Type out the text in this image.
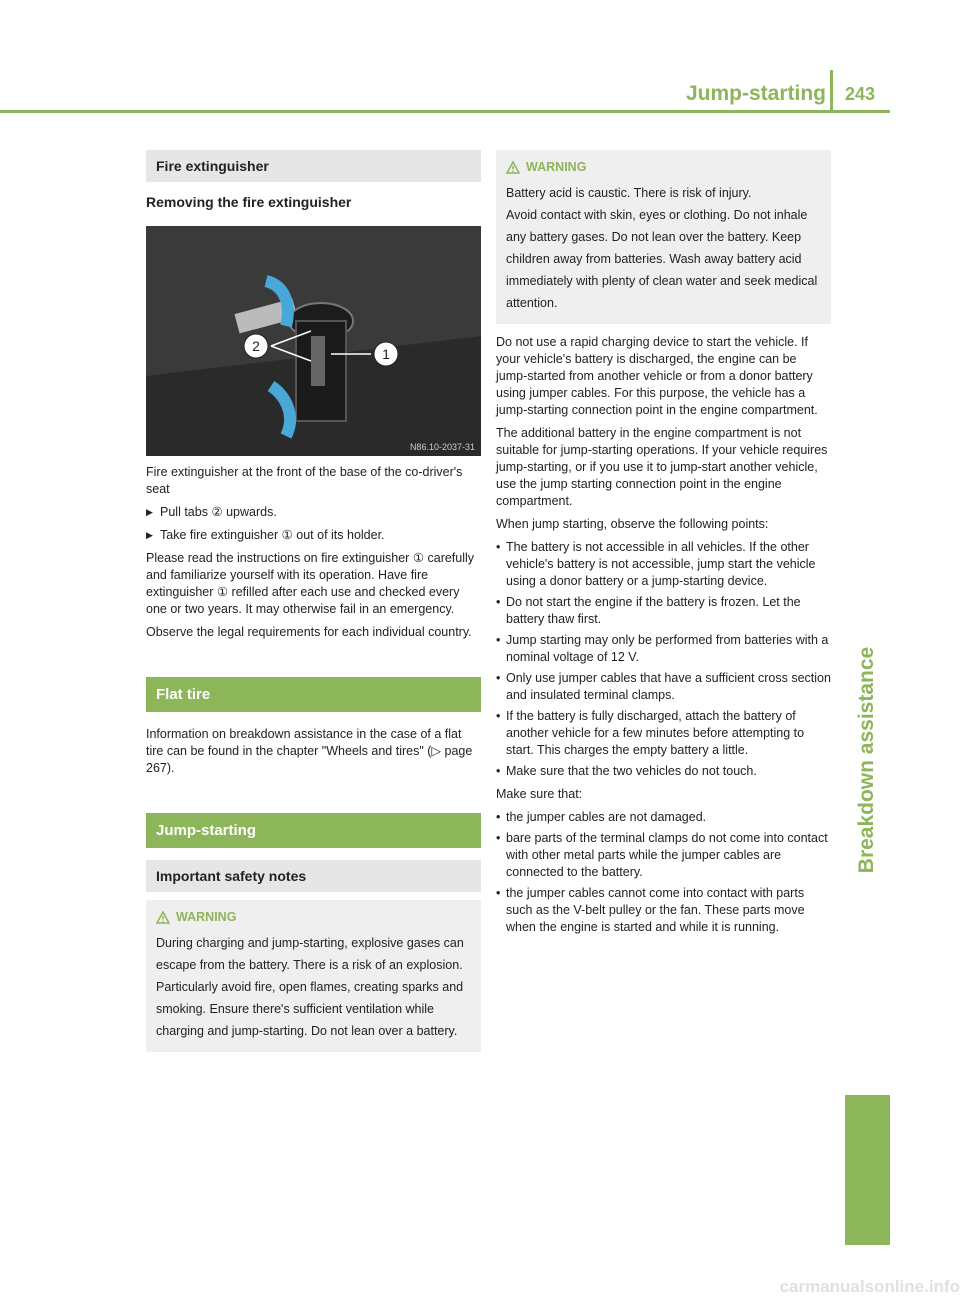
Jump-starting 243
Breakdown assistance
Fire extinguisher
Removing the fire extinguisher
2	1
N86.10-2037-31

Fire extinguisher at the front of the base of the co-driver's seat

▶ Pull tabs ② upwards.
▶ Take fire extinguisher ① out of its holder.

Please read the instructions on fire extinguisher ① carefully and familiarize yourself with its operation. Have fire extinguisher ① refilled after each use and checked every one or two years. It may otherwise fail in an emergency.

Observe the legal requirements for each individual country.

Flat tire

Information on breakdown assistance in the case of a flat tire can be found in the chapter "Wheels and tires" (▷ page 267).

Jump-starting
Important safety notes
WARNING

During charging and jump-starting, explosive gases can escape from the battery. There is a risk of an explosion.

Particularly avoid fire, open flames, creating sparks and smoking. Ensure there's sufficient ventilation while charging and jump-starting. Do not lean over a battery.

WARNING

Battery acid is caustic. There is risk of injury.

Avoid contact with skin, eyes or clothing. Do not inhale any battery gases. Do not lean over the battery. Keep children away from batteries. Wash away battery acid immediately with plenty of clean water and seek medical attention.

Do not use a rapid charging device to start the vehicle. If your vehicle's battery is discharged, the engine can be jump-started from another vehicle or from a donor battery using jumper cables. For this purpose, the vehicle has a jump-starting connection point in the engine compartment.

The additional battery in the engine compartment is not suitable for jump-starting operations. If your vehicle requires jump-starting, or if you use it to jump-start another vehicle, use the jump starting connection point in the engine compartment.

When jump starting, observe the following points:

• The battery is not accessible in all vehicles. If the other vehicle's battery is not accessible, jump start the vehicle using a donor battery or a jump-starting device.
• Do not start the engine if the battery is frozen. Let the battery thaw first.
• Jump starting may only be performed from batteries with a nominal voltage of 12 V.
• Only use jumper cables that have a sufficient cross section and insulated terminal clamps.
• If the battery is fully discharged, attach the battery of another vehicle for a few minutes before attempting to start. This charges the empty battery a little.
• Make sure that the two vehicles do not touch.

Make sure that:

• the jumper cables are not damaged.
• bare parts of the terminal clamps do not come into contact with other metal parts while the jumper cables are connected to the battery.
• the jumper cables cannot come into contact with parts such as the V-belt pulley or the fan. These parts move when the engine is started and while it is running.
carmanualsonline.info
